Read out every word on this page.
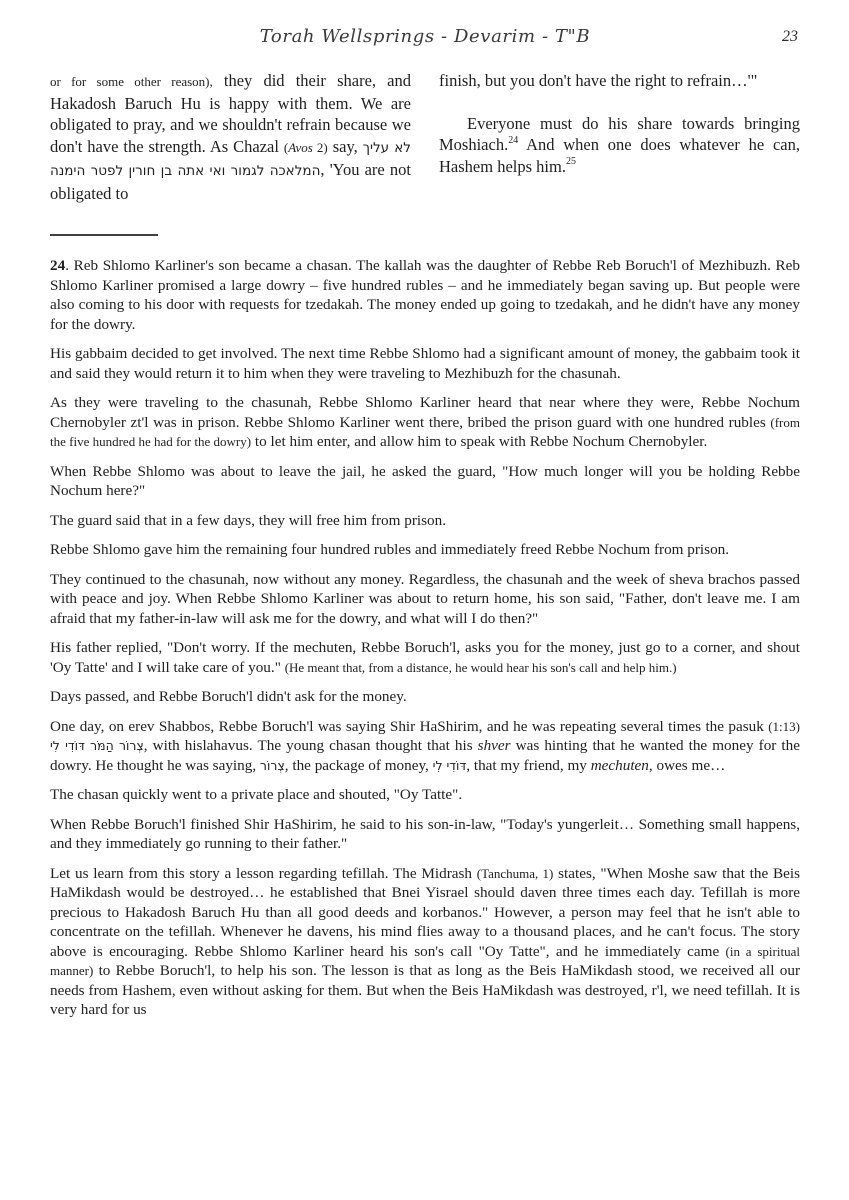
Torah Wellsprings - Devarim - T"B	23

or for some other reason), they did their share, and Hakadosh Baruch Hu is happy with them. We are obligated to pray, and we shouldn't refrain because we don't have the strength. As Chazal (Avos 2) say, לא עליך המלאכה לגמור ואי אתה בן חורין לפטר הימנה, 'You are not obligated to

finish, but you don't have the right to refrain…'"

Everyone must do his share towards bringing Moshiach.$^{24}$ And when one does whatever he can, Hashem helps him.$^{25}$

24. Reb Shlomo Karliner's son became a chasan. The kallah was the daughter of Rebbe Reb Boruch'l of Mezhibuzh. Reb Shlomo Karliner promised a large dowry – five hundred rubles – and he immediately began saving up. But people were also coming to his door with requests for tzedakah. The money ended up going to tzedakah, and he didn't have any money for the dowry.

His gabbaim decided to get involved. The next time Rebbe Shlomo had a significant amount of money, the gabbaim took it and said they would return it to him when they were traveling to Mezhibuzh for the chasunah.

As they were traveling to the chasunah, Rebbe Shlomo Karliner heard that near where they were, Rebbe Nochum Chernobyler zt'l was in prison. Rebbe Shlomo Karliner went there, bribed the prison guard with one hundred rubles (from the five hundred he had for the dowry) to let him enter, and allow him to speak with Rebbe Nochum Chernobyler.

When Rebbe Shlomo was about to leave the jail, he asked the guard, "How much longer will you be holding Rebbe Nochum here?"

The guard said that in a few days, they will free him from prison.

Rebbe Shlomo gave him the remaining four hundred rubles and immediately freed Rebbe Nochum from prison.

They continued to the chasunah, now without any money. Regardless, the chasunah and the week of sheva brachos passed with peace and joy. When Rebbe Shlomo Karliner was about to return home, his son said, "Father, don't leave me. I am afraid that my father-in-law will ask me for the dowry, and what will I do then?"

His father replied, "Don't worry. If the mechuten, Rebbe Boruch'l, asks you for the money, just go to a corner, and shout 'Oy Tatte' and I will take care of you." (He meant that, from a distance, he would hear his son's call and help him.)

Days passed, and Rebbe Boruch'l didn't ask for the money.

One day, on erev Shabbos, Rebbe Boruch'l was saying Shir HaShirim, and he was repeating several times the pasuk (1:13) צְרוֹר הַמֹּר דּוֹדִי לִי, with hislahavus. The young chasan thought that his shver was hinting that he wanted the money for the dowry. He thought he was saying, צְרוֹר, the package of money, דּוֹדִי לִי, that my friend, my mechuten, owes me…

The chasan quickly went to a private place and shouted, "Oy Tatte".

When Rebbe Boruch'l finished Shir HaShirim, he said to his son-in-law, "Today's yungerleit… Something small happens, and they immediately go running to their father."

Let us learn from this story a lesson regarding tefillah. The Midrash (Tanchuma, 1) states, "When Moshe saw that the Beis HaMikdash would be destroyed… he established that Bnei Yisrael should daven three times each day. Tefillah is more precious to Hakadosh Baruch Hu than all good deeds and korbanos." However, a person may feel that he isn't able to concentrate on the tefillah. Whenever he davens, his mind flies away to a thousand places, and he can't focus. The story above is encouraging. Rebbe Shlomo Karliner heard his son's call "Oy Tatte", and he immediately came (in a spiritual manner) to Rebbe Boruch'l, to help his son. The lesson is that as long as the Beis HaMikdash stood, we received all our needs from Hashem, even without asking for them. But when the Beis HaMikdash was destroyed, r'l, we need tefillah. It is very hard for us
